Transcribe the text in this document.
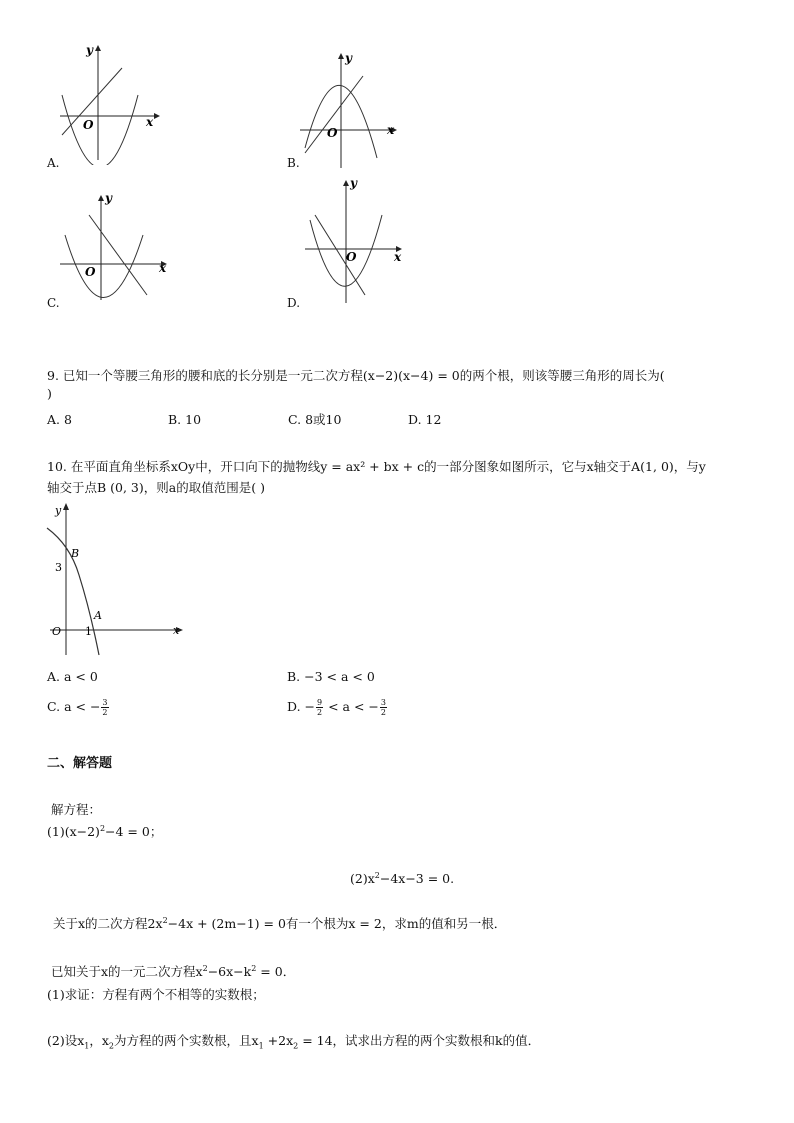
y
x
O
A.
y
x
O
B.
y
x
O
C.
y
x
O
D.
9. 已知一个等腰三角形的腰和底的长分别是一元二次方程(x−2)(x−4) = 0的两个根，则该等腰三角形的周长为(
)
A. 8	B. 10	C. 8或10	D. 12
10. 在平面直角坐标系xOy中，开口向下的抛物线y = ax² + bx + c的一部分图象如图所示，它与x轴交于A(1, 0)，与y
轴交于点B (0, 3)，则a的取值范围是( )
y
x
O
B
A
3
1
A. a < 0	B. −3 < a < 0
C. a < − $\frac{3}{2}$	D. − $\frac{9}{2} < a$ < − $\frac{3}{2}$
二、解答题
解方程：
$(1)(x-2)^2-4 = 0$；
$(2)x^2-4x-3 = 0$.
关于x的二次方程$2x^2-4x + (2m-1) = 0$有一个根为x = 2，求m的值和另一根．
已知关于x的一元二次方程$x^2-6x-k^2 = 0$．
(1)求证：方程有两个不相等的实数根；
(2)设$x_1$，$x_2$为方程的两个实数根，且$x_1 +2x_2 = 14$，试求出方程的两个实数根和k的值．
